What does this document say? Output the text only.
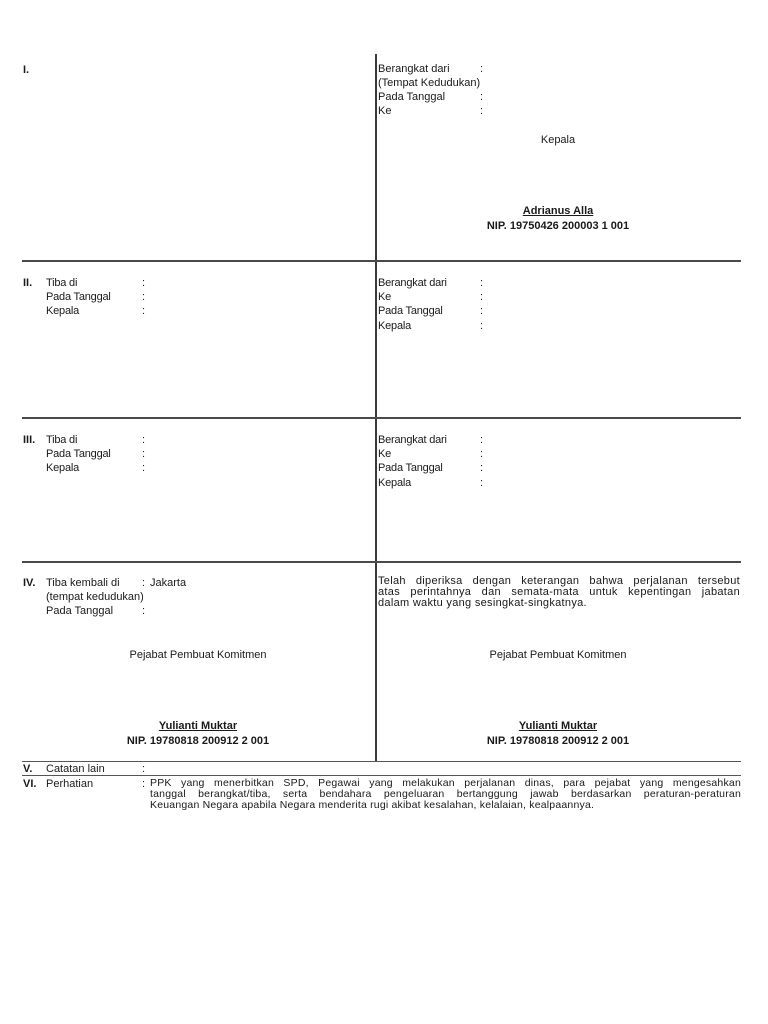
I.	Berangkat dari	:
(Tempat Kedudukan)
Pada Tanggal	:
Ke	:
Kepala
Adrianus Alla
NIP. 19750426 200003 1 001
II. Tiba di	:
Pada Tanggal	:
Kepala	:
Berangkat dari	:
Ke	:
Pada Tanggal	:
Kepala	:
III. Tiba di	:
Pada Tanggal	:
Kepala	:
Berangkat dari	:
Ke	:
Pada Tanggal	:
Kepala	:
IV. Tiba kembali di : Jakarta
(tempat kedudukan)
Pada Tanggal	:
Pejabat Pembuat Komitmen
Yulianti Muktar
NIP. 19780818 200912 2 001
Telah diperiksa dengan keterangan bahwa perjalanan tersebut
atas perintahnya dan semata-mata untuk kepentingan jabatan
dalam waktu yang sesingkat-singkatnya.
Pejabat Pembuat Komitmen
Yulianti Muktar
NIP. 19780818 200912 2 001
V. Catatan lain	:
VI. Perhatian	: PPK yang menerbitkan SPD, Pegawai yang melakukan perjalanan dinas, para pejabat yang mengesahkan
tanggal berangkat/tiba, serta bendahara pengeluaran bertanggung jawab berdasarkan peraturan-peraturan
Keuangan Negara apabila Negara menderita rugi akibat kesalahan, kelalaian, kealpaannya.
